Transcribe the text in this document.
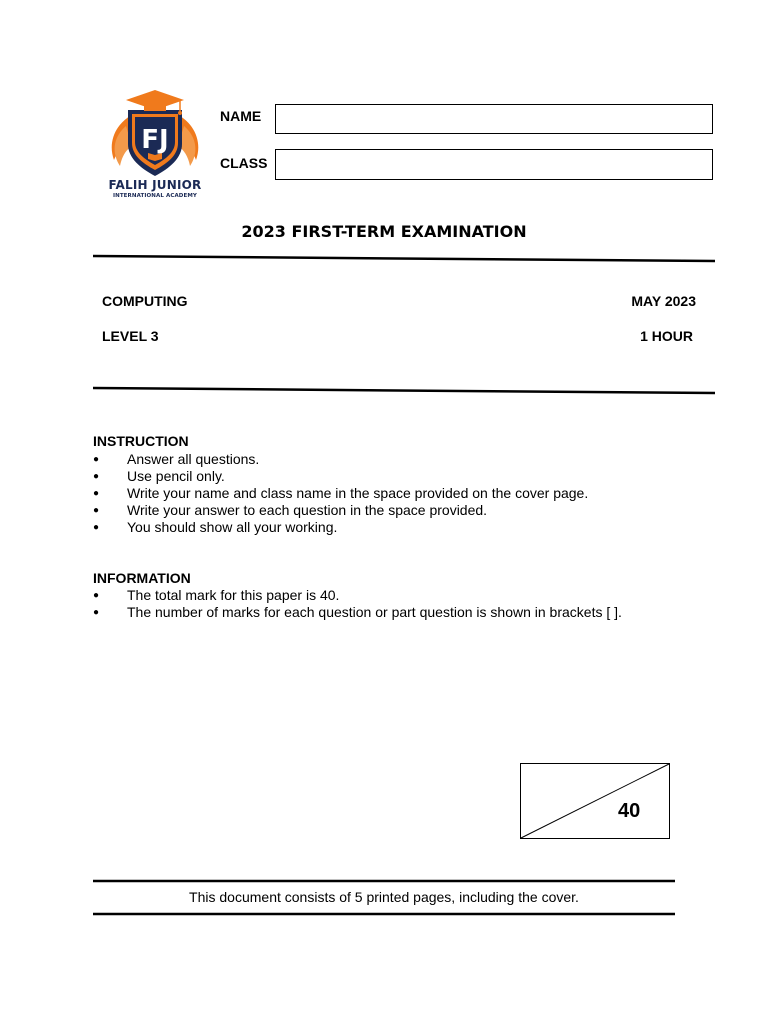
FJ
FALIH JUNIOR
INTERNATIONAL ACADEMY
NAME
CLASS
2023 FIRST-TERM EXAMINATION
COMPUTING	MAY 2023
LEVEL 3	1 HOUR
INSTRUCTION
● Answer all questions.
● Use pencil only.
● Write your name and class name in the space provided on the cover page.
● Write your answer to each question in the space provided.
● You should show all your working.
INFORMATION
● The total mark for this paper is 40.
● The number of marks for each question or part question is shown in brackets [ ].
40
This document consists of 5 printed pages, including the cover.
